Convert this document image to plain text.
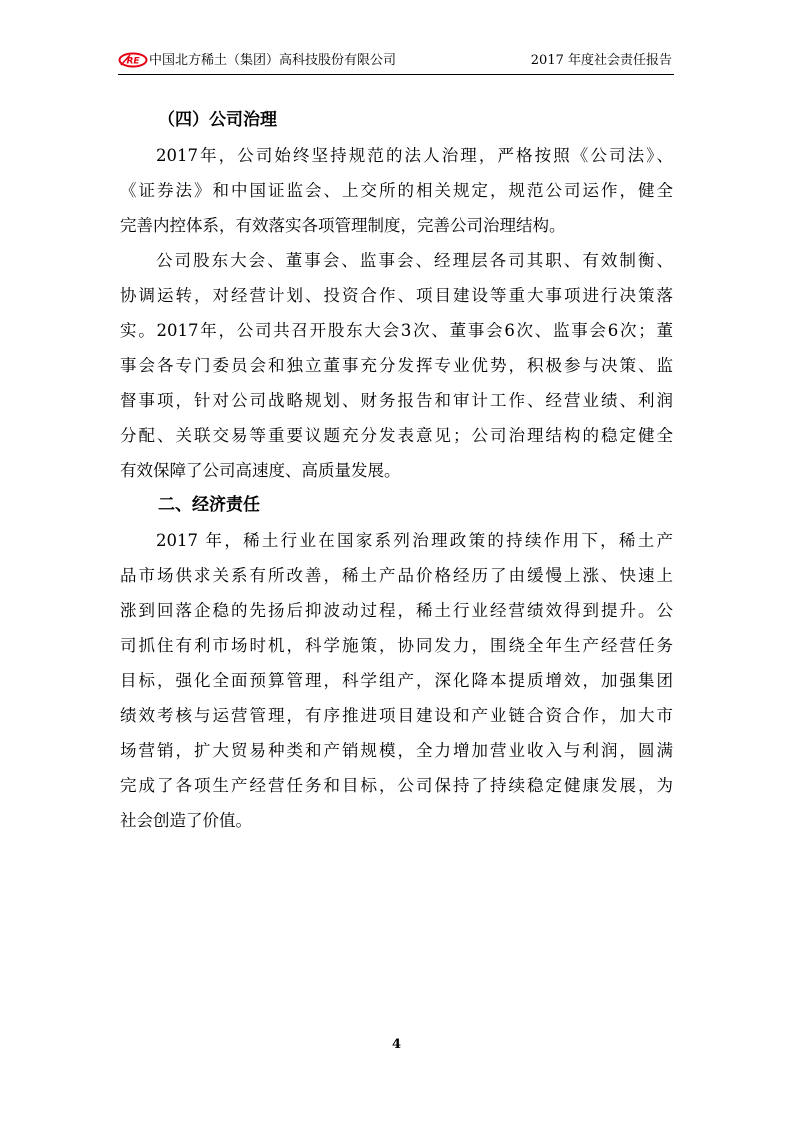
RE 中国北方稀土（集团）高科技股份有限公司	2017 年度社会责任报告
（四）公司治理

2017年，公司始终坚持规范的法人治理，严格按照《公司法》、
《证券法》和中国证监会、上交所的相关规定，规范公司运作，健全
完善内控体系，有效落实各项管理制度，完善公司治理结构。

公司股东大会、董事会、监事会、经理层各司其职、有效制衡、
协调运转，对经营计划、投资合作、项目建设等重大事项进行决策落
实。2017年，公司共召开股东大会3次、董事会6次、监事会6次；董
事会各专门委员会和独立董事充分发挥专业优势，积极参与决策、监
督事项，针对公司战略规划、财务报告和审计工作、经营业绩、利润
分配、关联交易等重要议题充分发表意见；公司治理结构的稳定健全
有效保障了公司高速度、高质量发展。

二、经济责任

2017 年，稀土行业在国家系列治理政策的持续作用下，稀土产
品市场供求关系有所改善，稀土产品价格经历了由缓慢上涨、快速上
涨到回落企稳的先扬后抑波动过程，稀土行业经营绩效得到提升。公
司抓住有利市场时机，科学施策，协同发力，围绕全年生产经营任务
目标，强化全面预算管理，科学组产，深化降本提质增效，加强集团
绩效考核与运营管理，有序推进项目建设和产业链合资合作，加大市
场营销，扩大贸易种类和产销规模，全力增加营业收入与利润，圆满
完成了各项生产经营任务和目标，公司保持了持续稳定健康发展，为
社会创造了价值。

4
